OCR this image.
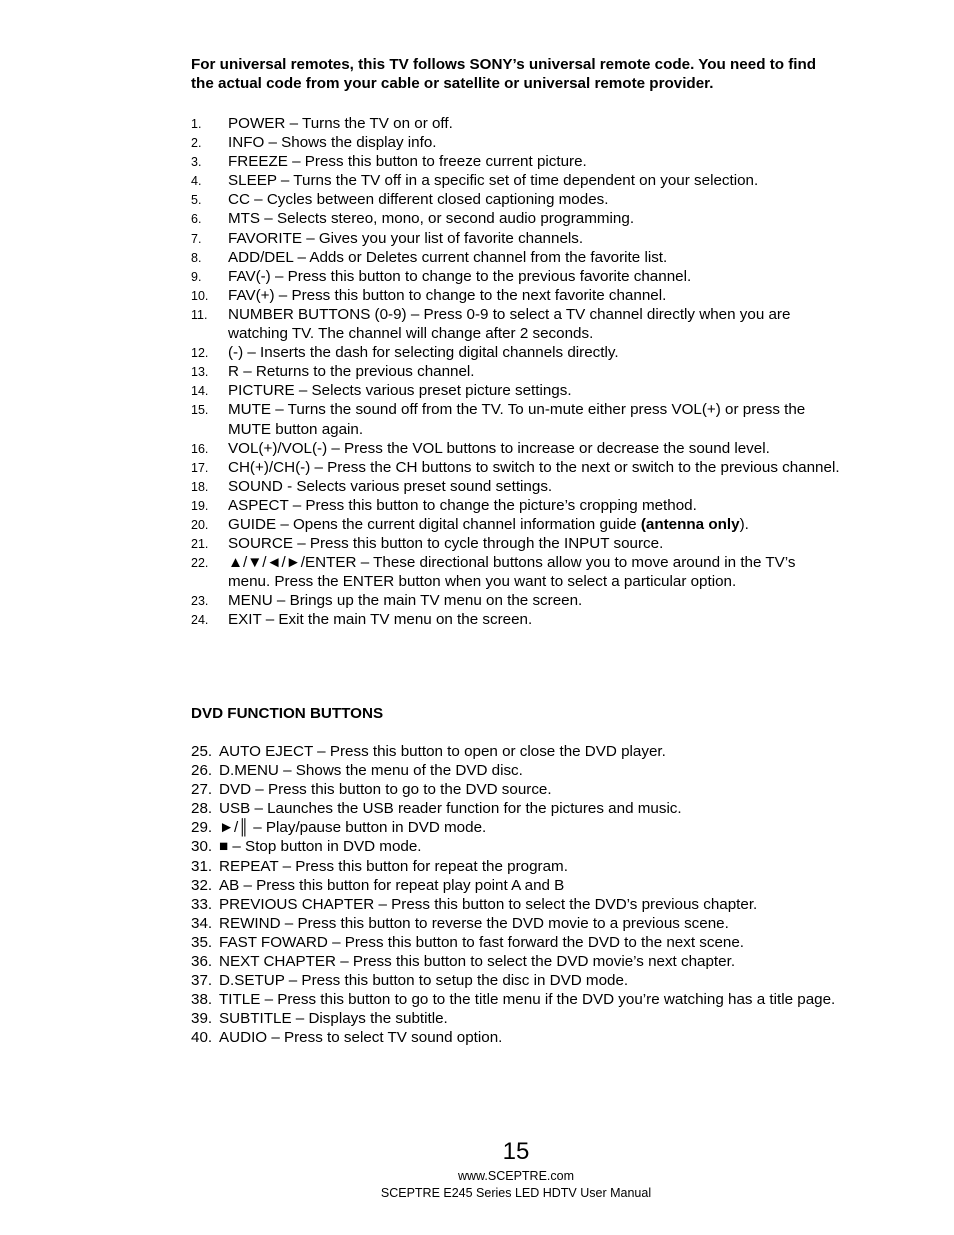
For universal remotes, this TV follows SONY’s universal remote code. You need to find the actual code from your cable or satellite or universal remote provider.
1. POWER – Turns the TV on or off.
2. INFO – Shows the display info.
3. FREEZE – Press this button to freeze current picture.
4. SLEEP – Turns the TV off in a specific set of time dependent on your selection.
5. CC – Cycles between different closed captioning modes.
6. MTS – Selects stereo, mono, or second audio programming.
7. FAVORITE – Gives you your list of favorite channels.
8. ADD/DEL – Adds or Deletes current channel from the favorite list.
9. FAV(-) – Press this button to change to the previous favorite channel.
10. FAV(+) – Press this button to change to the next favorite channel.
11. NUMBER BUTTONS (0-9) – Press 0-9 to select a TV channel directly when you are watching TV. The channel will change after 2 seconds.
12. (-) – Inserts the dash for selecting digital channels directly.
13. R – Returns to the previous channel.
14. PICTURE – Selects various preset picture settings.
15. MUTE – Turns the sound off from the TV. To un-mute either press VOL(+) or press the MUTE button again.
16. VOL(+)/VOL(-) – Press the VOL buttons to increase or decrease the sound level.
17. CH(+)/CH(-) – Press the CH buttons to switch to the next or switch to the previous channel.
18. SOUND - Selects various preset sound settings.
19. ASPECT – Press this button to change the picture’s cropping method.
20. GUIDE – Opens the current digital channel information guide (antenna only).
21. SOURCE – Press this button to cycle through the INPUT source.
22. ▲/▼/◄/►/ENTER – These directional buttons allow you to move around in the TV’s menu. Press the ENTER button when you want to select a particular option.
23. MENU – Brings up the main TV menu on the screen.
24. EXIT – Exit the main TV menu on the screen.
DVD FUNCTION BUTTONS
25. AUTO EJECT – Press this button to open or close the DVD player.
26. D.MENU – Shows the menu of the DVD disc.
27. DVD – Press this button to go to the DVD source.
28. USB – Launches the USB reader function for the pictures and music.
29. ►/║ – Play/pause button in DVD mode.
30. ■ – Stop button in DVD mode.
31. REPEAT – Press this button for repeat the program.
32. AB – Press this button for repeat play point A and B
33. PREVIOUS CHAPTER – Press this button to select the DVD’s previous chapter.
34. REWIND – Press this button to reverse the DVD movie to a previous scene.
35. FAST FOWARD – Press this button to fast forward the DVD to the next scene.
36. NEXT CHAPTER – Press this button to select the DVD movie’s next chapter.
37. D.SETUP – Press this button to setup the disc in DVD mode.
38. TITLE – Press this button to go to the title menu if the DVD you’re watching has a title page.
39. SUBTITLE – Displays the subtitle.
40. AUDIO – Press to select TV sound option.
15
www.SCEPTRE.com
SCEPTRE E245 Series LED HDTV User Manual
